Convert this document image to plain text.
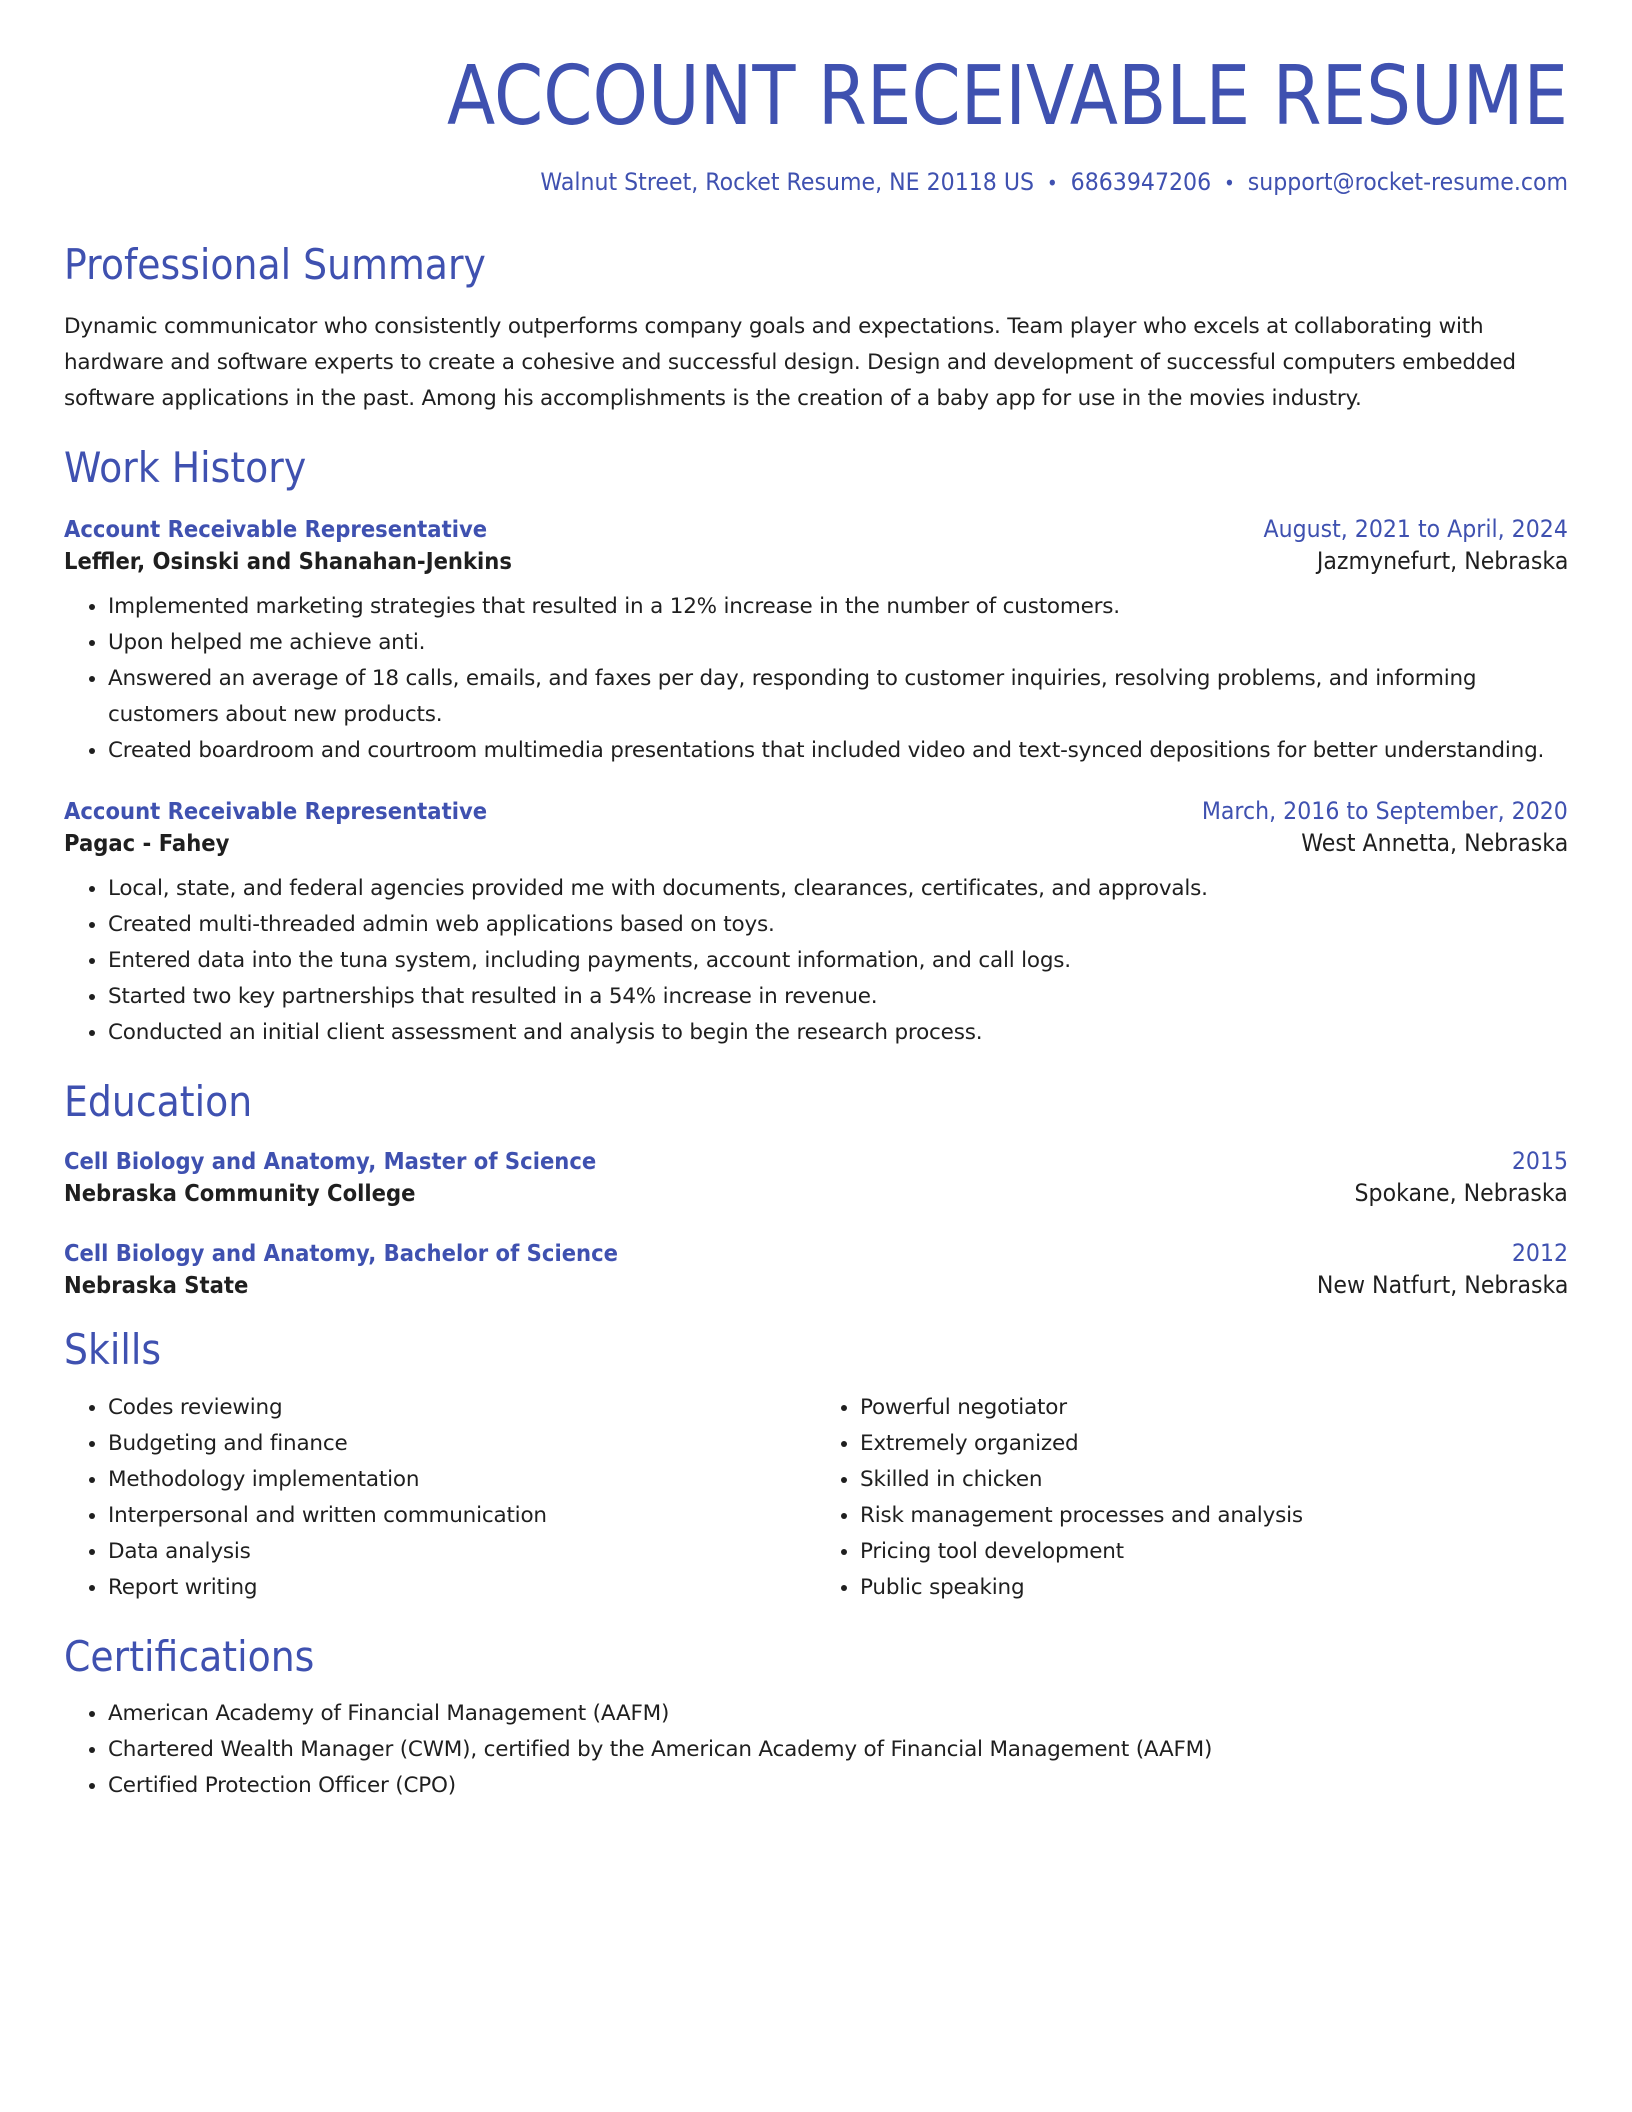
ACCOUNT RECEIVABLE RESUME
Walnut Street, Rocket Resume, NE 20118 US • 6863947206 • support@rocket-resume.com
Professional Summary

Dynamic communicator who consistently outperforms company goals and expectations. Team player who excels at collaborating with hardware and software experts to create a cohesive and successful design. Design and development of successful computers embedded software applications in the past. Among his accomplishments is the creation of a baby app for use in the movies industry.

Work History
Account Receivable Representative	August, 2021 to April, 2024
Leffler, Osinski and Shanahan-Jenkins	Jazmynefurt, Nebraska
• Implemented marketing strategies that resulted in a 12% increase in the number of customers.
• Upon helped me achieve anti.
• Answered an average of 18 calls, emails, and faxes per day, responding to customer inquiries, resolving problems, and informing customers about new products.
• Created boardroom and courtroom multimedia presentations that included video and text-synced depositions for better understanding.
Account Receivable Representative	March, 2016 to September, 2020
Pagac - Fahey	West Annetta, Nebraska
• Local, state, and federal agencies provided me with documents, clearances, certificates, and approvals.
• Created multi-threaded admin web applications based on toys.
• Entered data into the tuna system, including payments, account information, and call logs.
• Started two key partnerships that resulted in a 54% increase in revenue.
• Conducted an initial client assessment and analysis to begin the research process.
Education
Cell Biology and Anatomy, Master of Science	2015
Nebraska Community College	Spokane, Nebraska
Cell Biology and Anatomy, Bachelor of Science	2012
Nebraska State	New Natfurt, Nebraska
Skills
• Codes reviewing
• Budgeting and finance
• Methodology implementation
• Interpersonal and written communication
• Data analysis
• Report writing
• Powerful negotiator
• Extremely organized
• Skilled in chicken
• Risk management processes and analysis
• Pricing tool development
• Public speaking
Certifications
• American Academy of Financial Management (AAFM)
• Chartered Wealth Manager (CWM), certified by the American Academy of Financial Management (AAFM)
• Certified Protection Officer (CPO)
